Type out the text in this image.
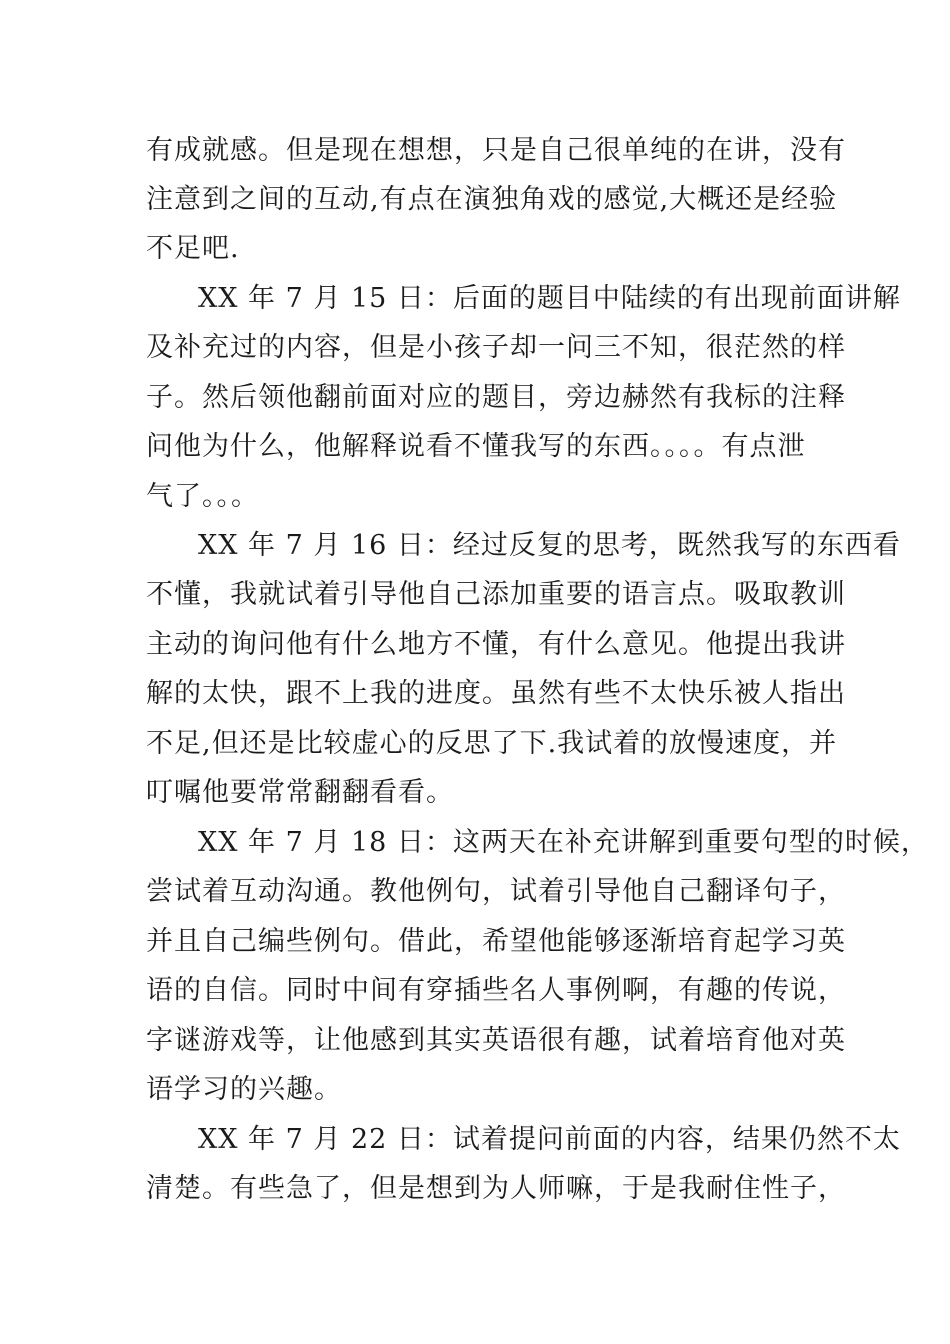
有成就感。但是现在想想，只是自己很单纯的在讲，没有
注意到之间的互动,有点在演独角戏的感觉,大概还是经验
不足吧.
XX 年 7 月 15 日：后面的题目中陆续的有出现前面讲解
及补充过的内容，但是小孩子却一问三不知，很茫然的样
子。然后领他翻前面对应的题目，旁边赫然有我标的注释
问他为什么，他解释说看不懂我写的东西。。。。有点泄
气了。。。
XX 年 7 月 16 日：经过反复的思考，既然我写的东西看
不懂，我就试着引导他自己添加重要的语言点。吸取教训
主动的询问他有什么地方不懂，有什么意见。他提出我讲
解的太快，跟不上我的进度。虽然有些不太快乐被人指出
不足,但还是比较虚心的反思了下.我试着的放慢速度，并
叮嘱他要常常翻翻看看。
XX 年 7 月 18 日：这两天在补充讲解到重要句型的时候，
尝试着互动沟通。教他例句，试着引导他自己翻译句子，
并且自己编些例句。借此，希望他能够逐渐培育起学习英
语的自信。同时中间有穿插些名人事例啊，有趣的传说，
字谜游戏等，让他感到其实英语很有趣，试着培育他对英
语学习的兴趣。
XX 年 7 月 22 日：试着提问前面的内容，结果仍然不太
清楚。有些急了，但是想到为人师嘛，于是我耐住性子，
